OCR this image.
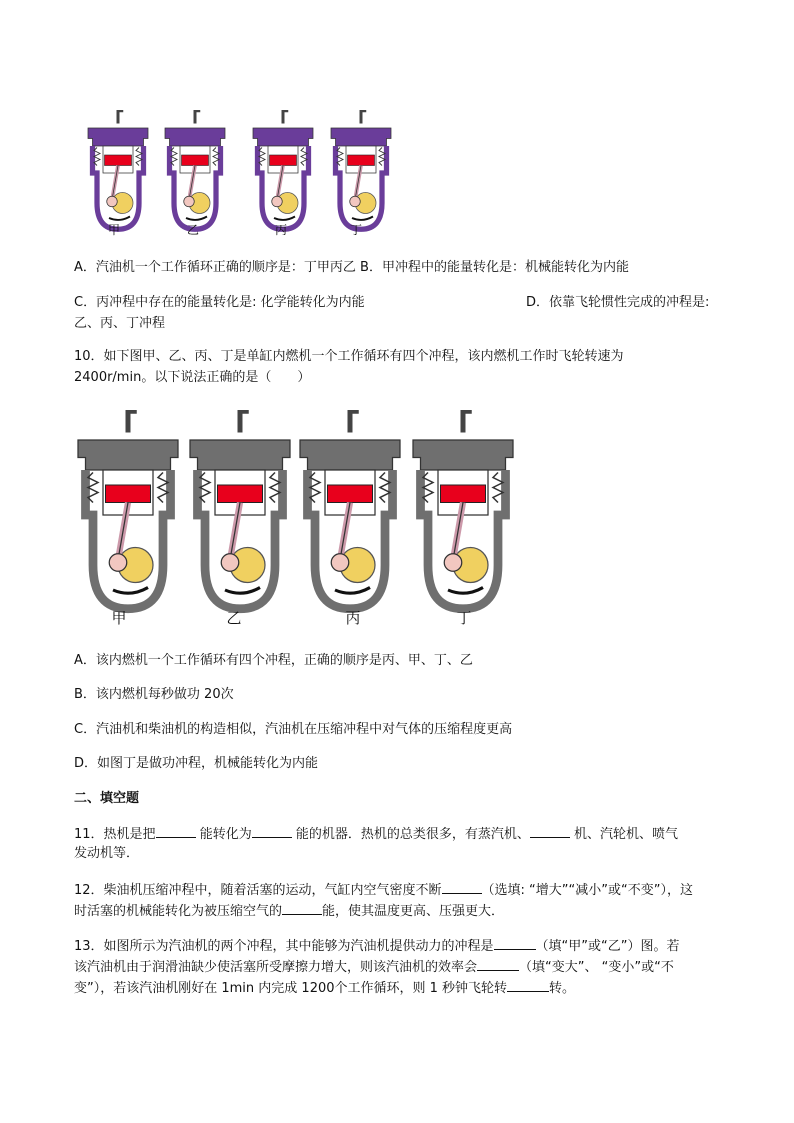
甲	乙	丙	丁
A．汽油机一个工作循环正确的顺序是：丁甲丙乙 B．甲冲程中的能量转化是：机械能转化为内能
C．丙冲程中存在的能量转化是: 化学能转化为内能	D．依靠飞轮惯性完成的冲程是:
乙、丙、丁冲程
10．如下图甲、乙、丙、丁是单缸内燃机一个工作循环有四个冲程，该内燃机工作时飞轮转速为
2400r/min。以下说法正确的是（　　）
甲	乙	丙	丁
A．该内燃机一个工作循环有四个冲程，正确的顺序是丙、甲、丁、乙
B．该内燃机每秒做功 20次
C．汽油机和柴油机的构造相似，汽油机在压缩冲程中对气体的压缩程度更高
D．如图丁是做功冲程，机械能转化为内能
二、填空题
11．热机是把	能转化为	能的机器．热机的总类很多，有蒸汽机、	机、汽轮机、喷气
发动机等．
12．柴油机压缩冲程中，随着活塞的运动，气缸内空气密度不断	（选填: “增大”“减小”或“不变”），这
时活塞的机械能转化为被压缩空气的	能，使其温度更高、压强更大．
13．如图所示为汽油机的两个冲程，其中能够为汽油机提供动力的冲程是	（填“甲”或“乙”）图。若
该汽油机由于润滑油缺少使活塞所受摩擦力增大，则该汽油机的效率会	（填“变大”、 “变小”或“不
变”），若该汽油机刚好在 1min 内完成 1200个工作循环，则 1 秒钟飞轮转	转。
